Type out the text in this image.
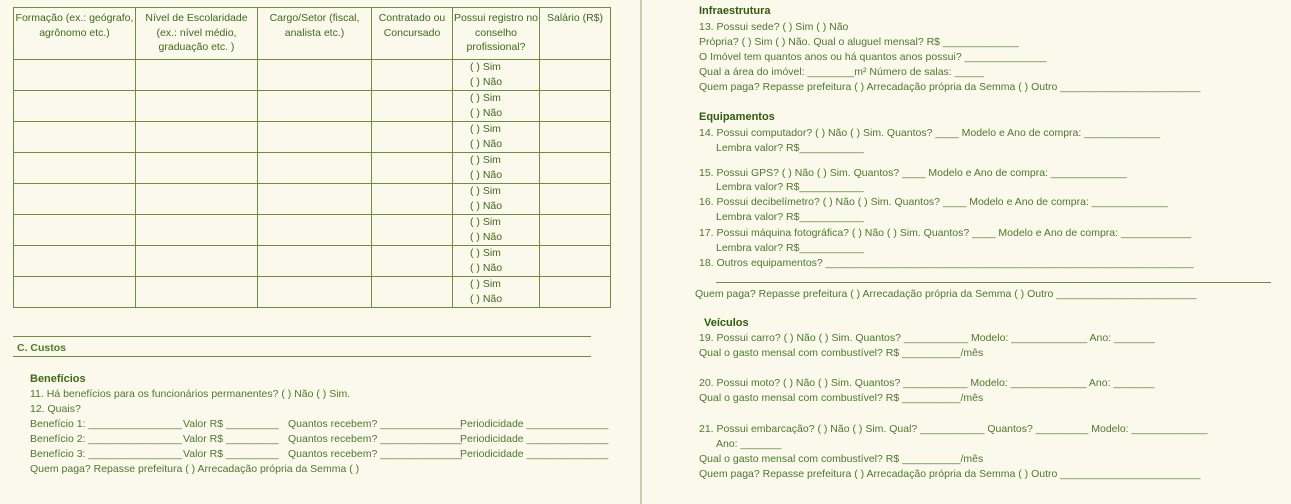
Formação (ex.: geógrafo, agrônomo etc.)	Nível de Escolaridade (ex.: nível médio, graduação etc. )	Cargo/Setor (fiscal, analista etc.)	Contratado ou Concursado	Possui registro no conselho profissional?	Salário (R$)

				( ) Sim
( ) Não	

				( ) Sim
( ) Não	

				( ) Sim
( ) Não	

				( ) Sim
( ) Não	

				( ) Sim
( ) Não	

				( ) Sim
( ) Não	

				( ) Sim
( ) Não	

				( ) Sim
( ) Não	

C. Custos
Benefícios
11. Há benefícios para os funcionários permanentes? ( ) Não ( ) Sim.
12. Quais?
Benefício 1: ________________ Valor R$ _________ Quantos recebem? ______________
Periodicidade ______________
Benefício 2: ________________ Valor R$ _________ Quantos recebem? ______________
Periodicidade ______________
Benefício 3: ________________ Valor R$ _________ Quantos recebem? ______________
Periodicidade ______________
Quem paga? Repasse prefeitura ( ) Arrecadação própria da Semma ( )
Infraestrutura
13. Possui sede? ( ) Sim ( ) Não
Própria? ( ) Sim ( ) Não. Qual o aluguel mensal? R$ _____________
O Imóvel tem quantos anos ou há quantos anos possui? ______________
Qual a área do imóvel: ________m² Número de salas: _____
Quem paga? Repasse prefeitura ( ) Arrecadação própria da Semma ( ) Outro ________________________
Equipamentos
14. Possui computador? ( ) Não ( ) Sim. Quantos? ____ Modelo e Ano de compra: _____________
Lembra valor? R$___________
15. Possui GPS? ( ) Não ( ) Sim. Quantos? ____ Modelo e Ano de compra: _____________
Lembra valor? R$___________
16. Possui decibelímetro? ( ) Não ( ) Sim. Quantos? ____ Modelo e Ano de compra: _____________
Lembra valor? R$___________
17. Possui máquina fotográfica? ( ) Não ( ) Sim. Quantos? ____ Modelo e Ano de compra: ____________
Lembra valor? R$___________
18. Outros equipamentos? _______________________________________________________________
Quem paga? Repasse prefeitura ( ) Arrecadação própria da Semma ( ) Outro ________________________
Veículos
19. Possui carro? ( ) Não ( ) Sim. Quantos? ___________ Modelo: _____________ Ano: _______
Qual o gasto mensal com combustível? R$ __________/mês
20. Possui moto? ( ) Não ( ) Sim. Quantos? ___________ Modelo: _____________ Ano: _______
Qual o gasto mensal com combustível? R$ __________/mês
21. Possui embarcação? ( ) Não ( ) Sim. Qual? ___________ Quantos? _________ Modelo: _____________
Ano: _______
Qual o gasto mensal com combustível? R$ __________/mês
Quem paga? Repasse prefeitura ( ) Arrecadação própria da Semma ( ) Outro ________________________
